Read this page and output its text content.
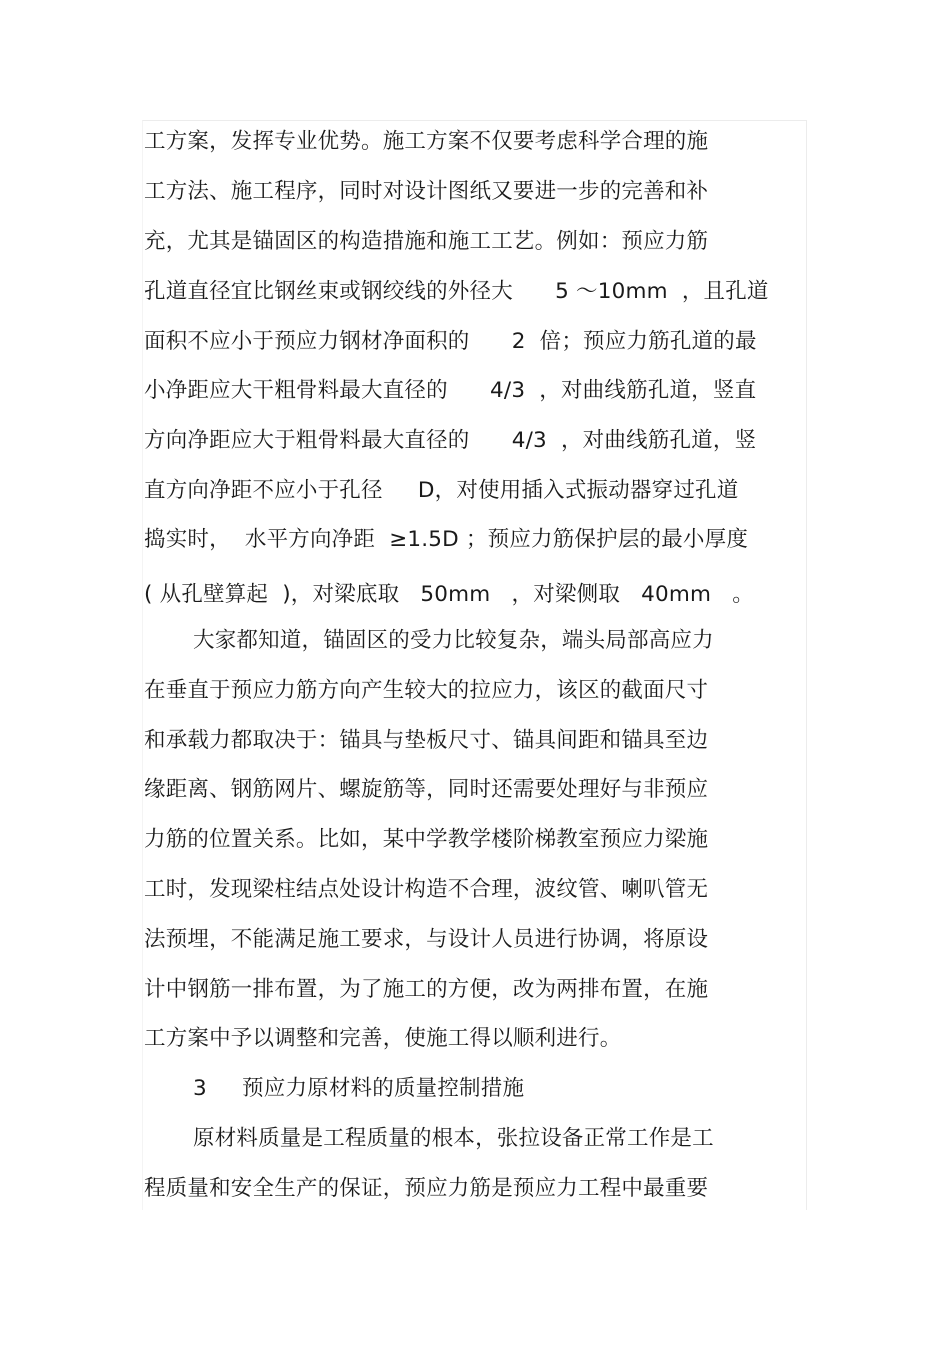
工方案，发挥专业优势。施工方案不仅要考虑科学合理的施
工方法、施工程序，同时对设计图纸又要进一步的完善和补
充，尤其是锚固区的构造措施和施工工艺。例如：预应力筋
孔道直径宜比钢丝束或钢绞线的外径大      5 ～10mm  ，且孔道
面积不应小于预应力钢材净面积的      2  倍；预应力筋孔道的最
小净距应大干粗骨料最大直径的      4/3  ，对曲线筋孔道，竖直
方向净距应大于粗骨料最大直径的      4/3  ，对曲线筋孔道，竖
直方向净距不应小于孔径     D，对使用插入式振动器穿过孔道
捣实时，  水平方向净距  ≥1.5D ；预应力筋保护层的最小厚度
( 从孔壁算起  )，对梁底取   50mm   ，对梁侧取   40mm   。
大家都知道，锚固区的受力比较复杂，端头局部高应力
在垂直于预应力筋方向产生较大的拉应力，该区的截面尺寸
和承载力都取决于：锚具与垫板尺寸、锚具间距和锚具至边
缘距离、钢筋网片、螺旋筋等，同时还需要处理好与非预应
力筋的位置关系。比如，某中学教学楼阶梯教室预应力梁施
工时，发现梁柱结点处设计构造不合理，波纹管、喇叭管无
法预埋，不能满足施工要求，与设计人员进行协调，将原设
计中钢筋一排布置，为了施工的方便，改为两排布置，在施
工方案中予以调整和完善，使施工得以顺利进行。
3     预应力原材料的质量控制措施
原材料质量是工程质量的根本，张拉设备正常工作是工
程质量和安全生产的保证，预应力筋是预应力工程中最重要
